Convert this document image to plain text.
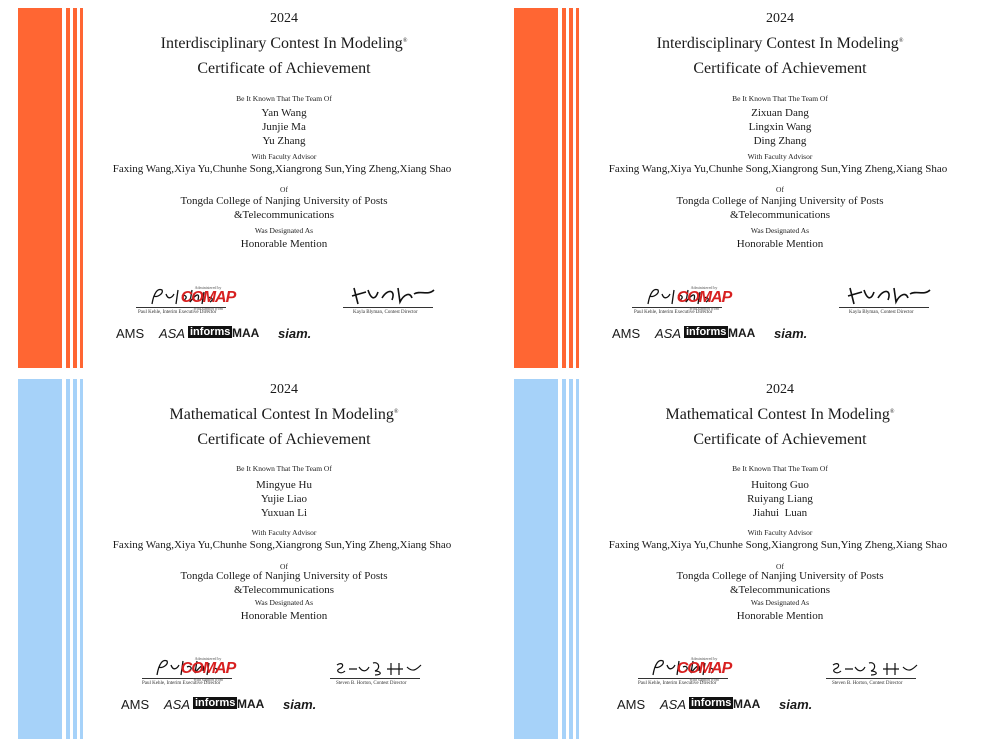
2024
Interdisciplinary Contest In Modeling®
Certificate of Achievement
Be It Known That The Team Of
Yan Wang
Junjie Ma
Yu Zhang
With Faculty Advisor
Faxing Wang,Xiya Yu,Chunhe Song,Xiangrong Sun,Ying Zheng,Xiang Shao
Of
Tongda College of Nanjing University of Posts
&Telecommunications
Was Designated As
Honorable Mention
Paul Kehle, Interim Executive Director
Administered by
COMAP
With support from
Kayla Blyman, Contest Director
AMS ASA informs MAA siam.
2024
Interdisciplinary Contest In Modeling®
Certificate of Achievement
Be It Known That The Team Of
Zixuan Dang
Lingxin Wang
Ding Zhang
With Faculty Advisor
Faxing Wang,Xiya Yu,Chunhe Song,Xiangrong Sun,Ying Zheng,Xiang Shao
Of
Tongda College of Nanjing University of Posts
&Telecommunications
Was Designated As
Honorable Mention
Paul Kehle, Interim Executive Director
Administered by
COMAP
With support from
Kayla Blyman, Contest Director
AMS ASA informs MAA siam.
2024
Mathematical Contest In Modeling®
Certificate of Achievement
Be It Known That The Team Of
Mingyue Hu
Yujie Liao
Yuxuan Li
With Faculty Advisor
Faxing Wang,Xiya Yu,Chunhe Song,Xiangrong Sun,Ying Zheng,Xiang Shao
Of
Tongda College of Nanjing University of Posts
&Telecommunications
Was Designated As
Honorable Mention
Paul Kehle, Interim Executive Director
Administered by
COMAP
With support from
Steven B. Horton, Contest Director
AMS ASA informs MAA siam.
2024
Mathematical Contest In Modeling®
Certificate of Achievement
Be It Known That The Team Of
Huitong Guo
Ruiyang Liang
Jiahui  Luan
With Faculty Advisor
Faxing Wang,Xiya Yu,Chunhe Song,Xiangrong Sun,Ying Zheng,Xiang Shao
Of
Tongda College of Nanjing University of Posts
&Telecommunications
Was Designated As
Honorable Mention
Paul Kehle, Interim Executive Director
Administered by
COMAP
With support from
Steven B. Horton, Contest Director
AMS ASA informs MAA siam.
